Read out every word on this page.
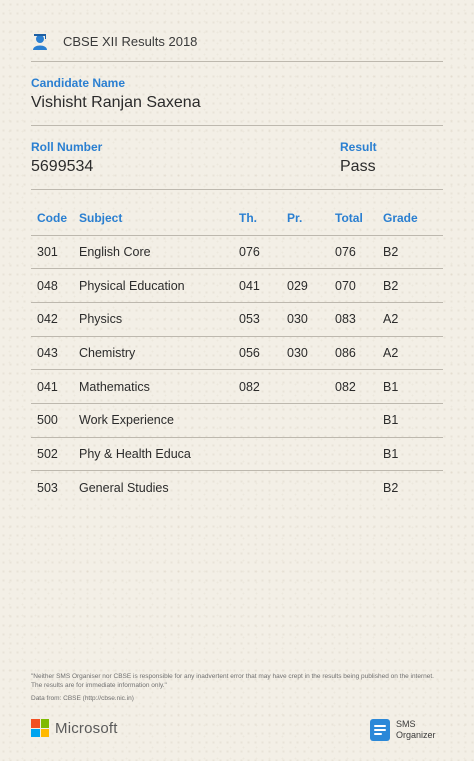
CBSE XII Results 2018
Candidate Name
Vishisht Ranjan Saxena
Roll Number
5699534
Result
Pass
Code	Subject	Th.	Pr.	Total	Grade
301	English Core	076		076	B2
048	Physical Education	041	029	070	B2
042	Physics	053	030	083	A2
043	Chemistry	056	030	086	A2
041	Mathematics	082		082	B1
500	Work Experience				B1
502	Phy & Health Educa				B1
503	General Studies				B2
"Neither SMS Organiser nor CBSE is responsible for any inadvertent error that may have crept in the results being published on the internet. The results are for immediate information only."
Data from: CBSE (http://cbse.nic.in)
Microsoft	SMS
Organizer
